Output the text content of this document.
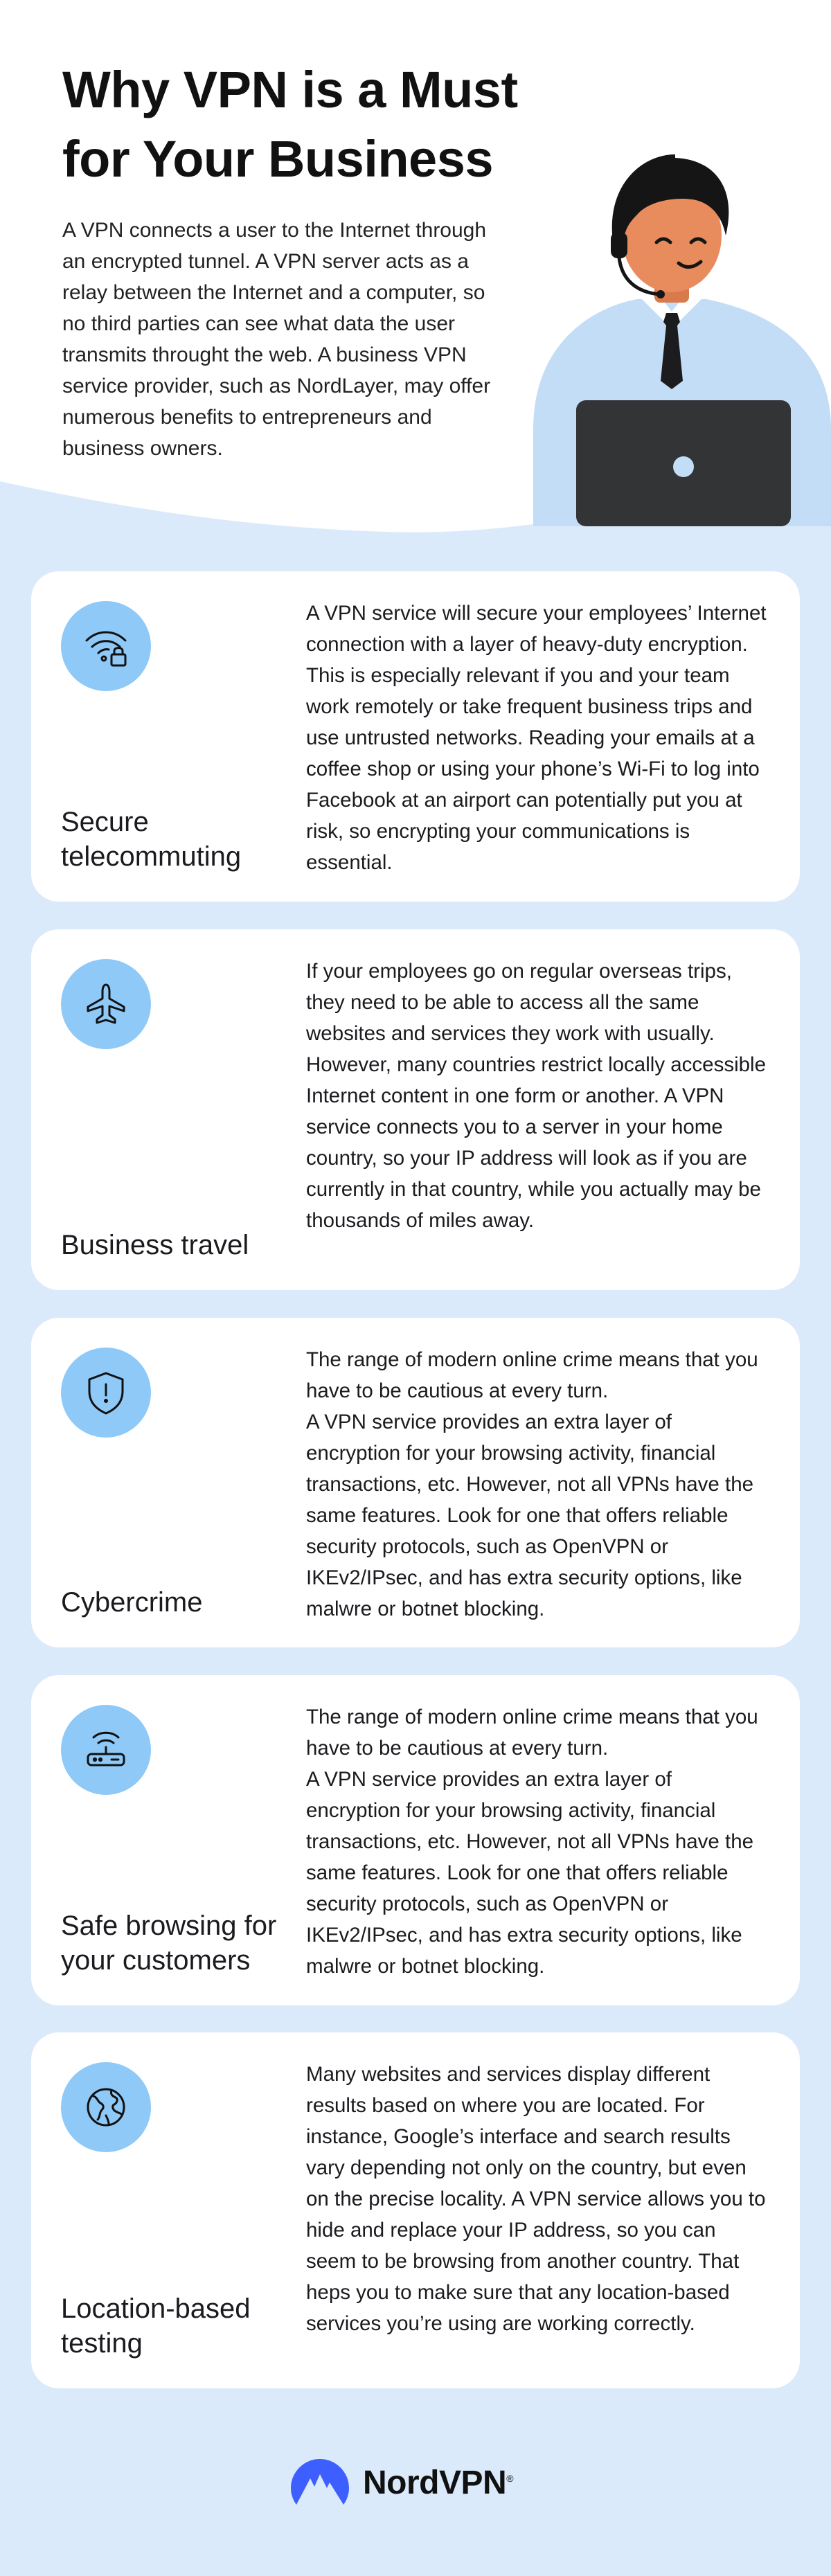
Why VPN is a Must for Your Business

A VPN connects a user to the Internet through an encrypted tunnel. A VPN server acts as a relay between the Internet and a computer, so no third parties can see what data the user transmits throught the web. A business VPN service provider, such as NordLayer, may offer numerous benefits to entrepreneurs and business owners.

Secure telecommuting

A VPN service will secure your employees’ Internet connection with a layer of heavy-duty encryption. This is especially relevant if you and your team work remotely or take frequent business trips and use untrusted networks. Reading your emails at a coffee shop or using your phone’s Wi-Fi to log into Facebook at an airport can potentially put you at risk, so encrypting your communications is essential.

Business travel

If your employees go on regular overseas trips, they need to be able to access all the same websites and services they work with usually. However, many countries restrict locally accessible Internet content in one form or another. A VPN service connects you to a server in your home country, so your IP address will look as if you are currently in that country, while you actually may be thousands of miles away.

Cybercrime

The range of modern online crime means that you have to be cautious at every turn.
A VPN service provides an extra layer of encryption for your browsing activity, financial transactions, etc. However, not all VPNs have the same features. Look for one that offers reliable security protocols, such as OpenVPN or IKEv2/IPsec, and has extra security options, like malwre or botnet blocking.

Safe browsing for your customers

The range of modern online crime means that you have to be cautious at every turn.
A VPN service provides an extra layer of encryption for your browsing activity, financial transactions, etc. However, not all VPNs have the same features. Look for one that offers reliable security protocols, such as OpenVPN or IKEv2/IPsec, and has extra security options, like malwre or botnet blocking.

Location-based testing

Many websites and services display different results based on where you are located. For instance, Google’s interface and search results vary depending not only on the country, but even on the precise locality. A VPN service allows you to hide and replace your IP address, so you can seem to be browsing from another country. That heps you to make sure that any location-based services you’re using are working correctly.

NordVPN®
